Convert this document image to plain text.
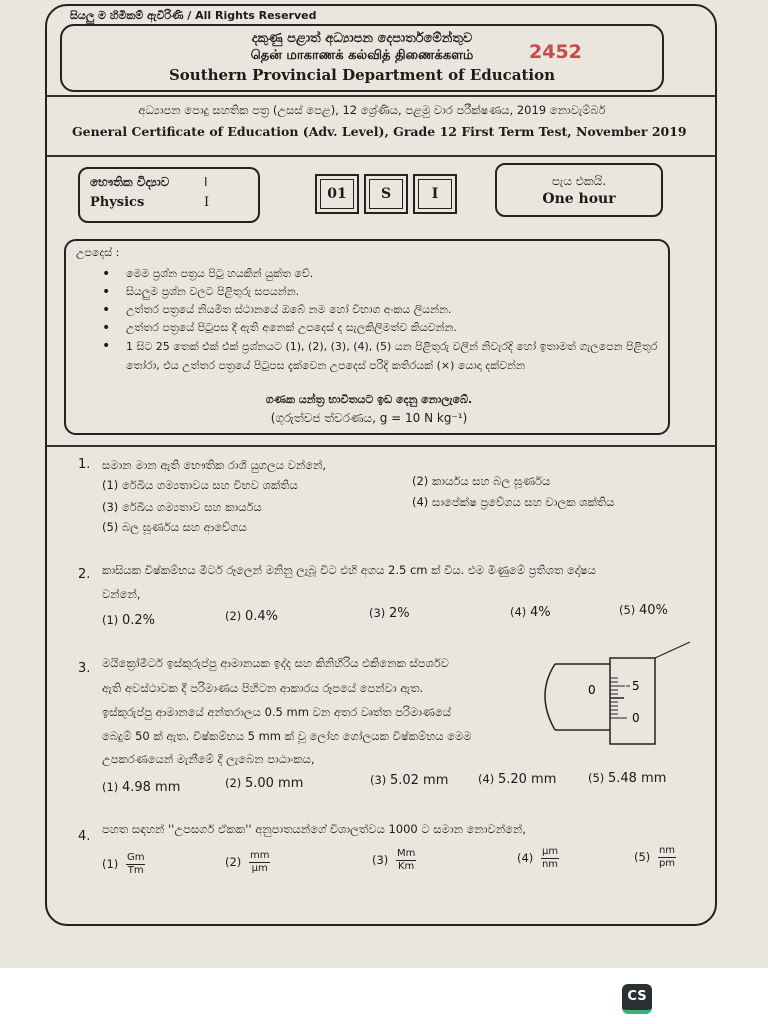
සියලු ම හිමිකම් ඇවිරිණි / All Rights Reserved
දකුණු පළාත් අධ්‍යාපන දෙපාර්තමේන්තුව
தென் மாகாணக் கல்வித் திணைக்களம்
Southern Provincial Department of Education
2452
අධ්‍යාපන පොදු සහතික පත්‍ර (උසස් පෙළ), 12 ශ්‍රේණිය, පළමු වාර පරීක්ෂණය, 2019 නොවැම්බර්
General Certificate of Education (Adv. Level), Grade 12 First Term Test, November 2019
භෞතික විද්‍යාව	I
Physics	I
01	S	I
පැය එකයි.
One hour
උපදෙස් :
• මෙම ප්‍රශ්න පත්‍රය පිටු හයකින් යුක්ත වේ.
• සියලුම ප්‍රශ්න වලට පිළිතුරු සපයන්න.
• උත්තර පත්‍රයේ නියමිත ස්ථානයේ ඔබේ නම හෝ විභාග අංකය ලියන්න.
• උත්තර පත්‍රයේ පිටුපස දී ඇති අනෙක් උපදෙස් ද සැලකිලිමත්ව කියවන්න.
• 1 සිට 25 තෙක් එක් එක් ප්‍රශ්නයට (1), (2), (3), (4), (5) යන පිළිතුරු වලින් නිවැරදි හෝ ඉතාමත් ගැලපෙන පිළිතුර තෝරා, එය උත්තර පත්‍රයේ පිටුපස දැක්වෙන උපදෙස් පරිදි කතිරයක් (×) යොදා දක්වන්න
ගණක යන්ත්‍ර භාවිතයට ඉඩ දෙනු නොලැබේ.
(ගුරුත්වජ ත්වරණය, g = 10 N kg⁻¹)
1. සමාන මාන ඇති භෞතික රාශි යුගලය වන්නේ,
(1) රේඛීය ගම්‍යතාවය සහ විභව ශක්තිය	(2) කාර්යය සහ බල ඝූර්ණය
(3) රේඛීය ගම්‍යතාව සහ කාර්යය	(4) සාපේක්ෂ ප්‍රවේගය සහ චාලක ශක්තිය
(5) බල ඝූර්ණය සහ ආවේගය
2. කාසියක විෂ්කම්භය මීටර් රූලෙන් මනිනු ලැබූ විට එහි අගය 2.5 cm ක් විය. එම මිණුමේ ප්‍රතිශත දෝෂය
වන්නේ,
(1) 0.2%	(2) 0.4%	(3) 2%	(4) 4%	(5) 40%
3. මයික්‍රෝමීටර් ඉස්කුරුප්පු ආමානයක ඉද්ද සහ කිනිහිරිය එකිනෙක ස්පර්ශව
ඇති අවස්ථාවක දී පරිමාණය පිහිටන ආකාරය රූපයේ පෙන්වා ඇත.
ඉස්කුරුප්පු ආමානයේ අන්තරාලය 0.5 mm වන අතර වෘත්ත පරිමාණයේ
බෙදුම් 50 ක් ඇත. විෂ්කම්භය 5 mm ක් වූ ලෝහ ගෝලයක විෂ්කම්භය මෙම
උපකරණයෙන් මැනීමේ දී ලැබෙන පාඨාංකය,
(1) 4.98 mm	(2) 5.00 mm	(3) 5.02 mm	(4) 5.20 mm	(5) 5.48 mm
0	5
0
4. පහත සඳහන් ''උපසර්ග ඒකක'' අනුපාතයන්ගේ විශාලත්වය 1000 ට සමාන නොවන්නේ,
$(1) \frac{Gm}{Tm}$	$(2) \frac{mm}{\mu m}$	$(3) \frac{Mm}{Km}$	$(4) \frac{\mu m}{nm}$	$(5) \frac{nm}{pm}$
CS
